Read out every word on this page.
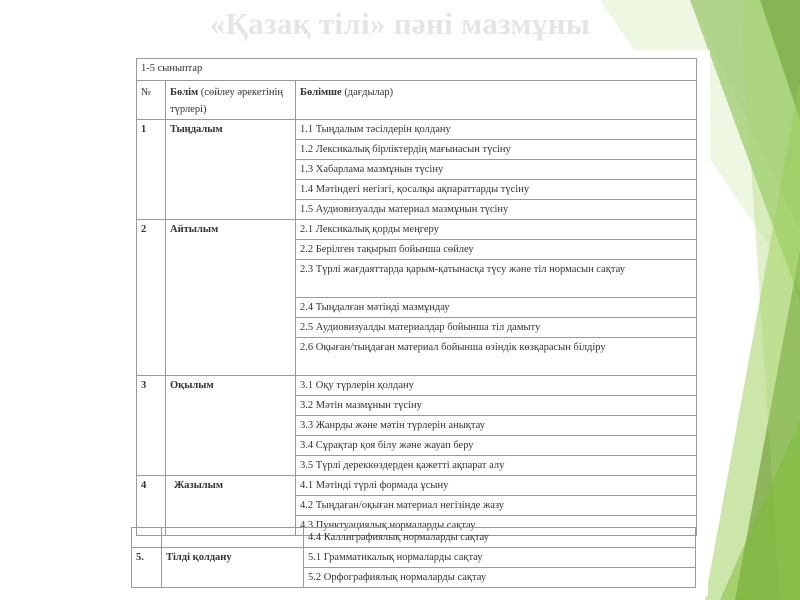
«Қазақ тілі» пәні мазмұны
1-5 сыныптар		
№	Бөлім (сөйлеу әрекетінің түрлері)	Бөлімше (дағдылар)
1	Тыңдалым	1.1 Тыңдалым тәсілдерін қолдану
		1.2 Лексикалық бірліктердің мағынасын түсіну
		1.3 Хабарлама мазмұнын түсіну
		1.4 Мәтіндегі негізгі, қосалқы ақпараттарды түсіну
		1.5 Аудиовизуалды материал мазмұнын түсіну
2	Айтылым	2.1 Лексикалық қорды меңгеру
		2.2 Берілген тақырып бойынша сөйлеу
		2.3 Түрлі жағдаяттарда қарым-қатынасқа түсу және тіл нормасын сақтау
		2.4 Тыңдалған мәтінді мазмұндау
		2.5 Аудиовизуалды материалдар бойынша тіл дамыту
		2.6 Оқыған/тыңдаған материал бойынша өзіндік көзқарасын білдіру
3	Оқылым	3.1 Оқу түрлерін қолдану
		3.2 Мәтін мазмұнын түсіну
		3.3 Жанрды және мәтін түрлерін анықтау
		3.4 Сұрақтар қоя білу және жауап беру
		3.5 Түрлі дереккөздерден қажетті ақпарат алу
4	Жазылым	4.1 Мәтінді түрлі формада ұсыну
		4.2 Тыңдаған/оқыған материал негізінде жазу
		4.3 Пунктуациялық нормаларды сақтау
		4.4 Каллиграфиялық нормаларды сақтау
5.	Тілді қолдану	5.1 Грамматикалық нормаларды сақтау
		5.2 Орфографиялық нормаларды сақтау
